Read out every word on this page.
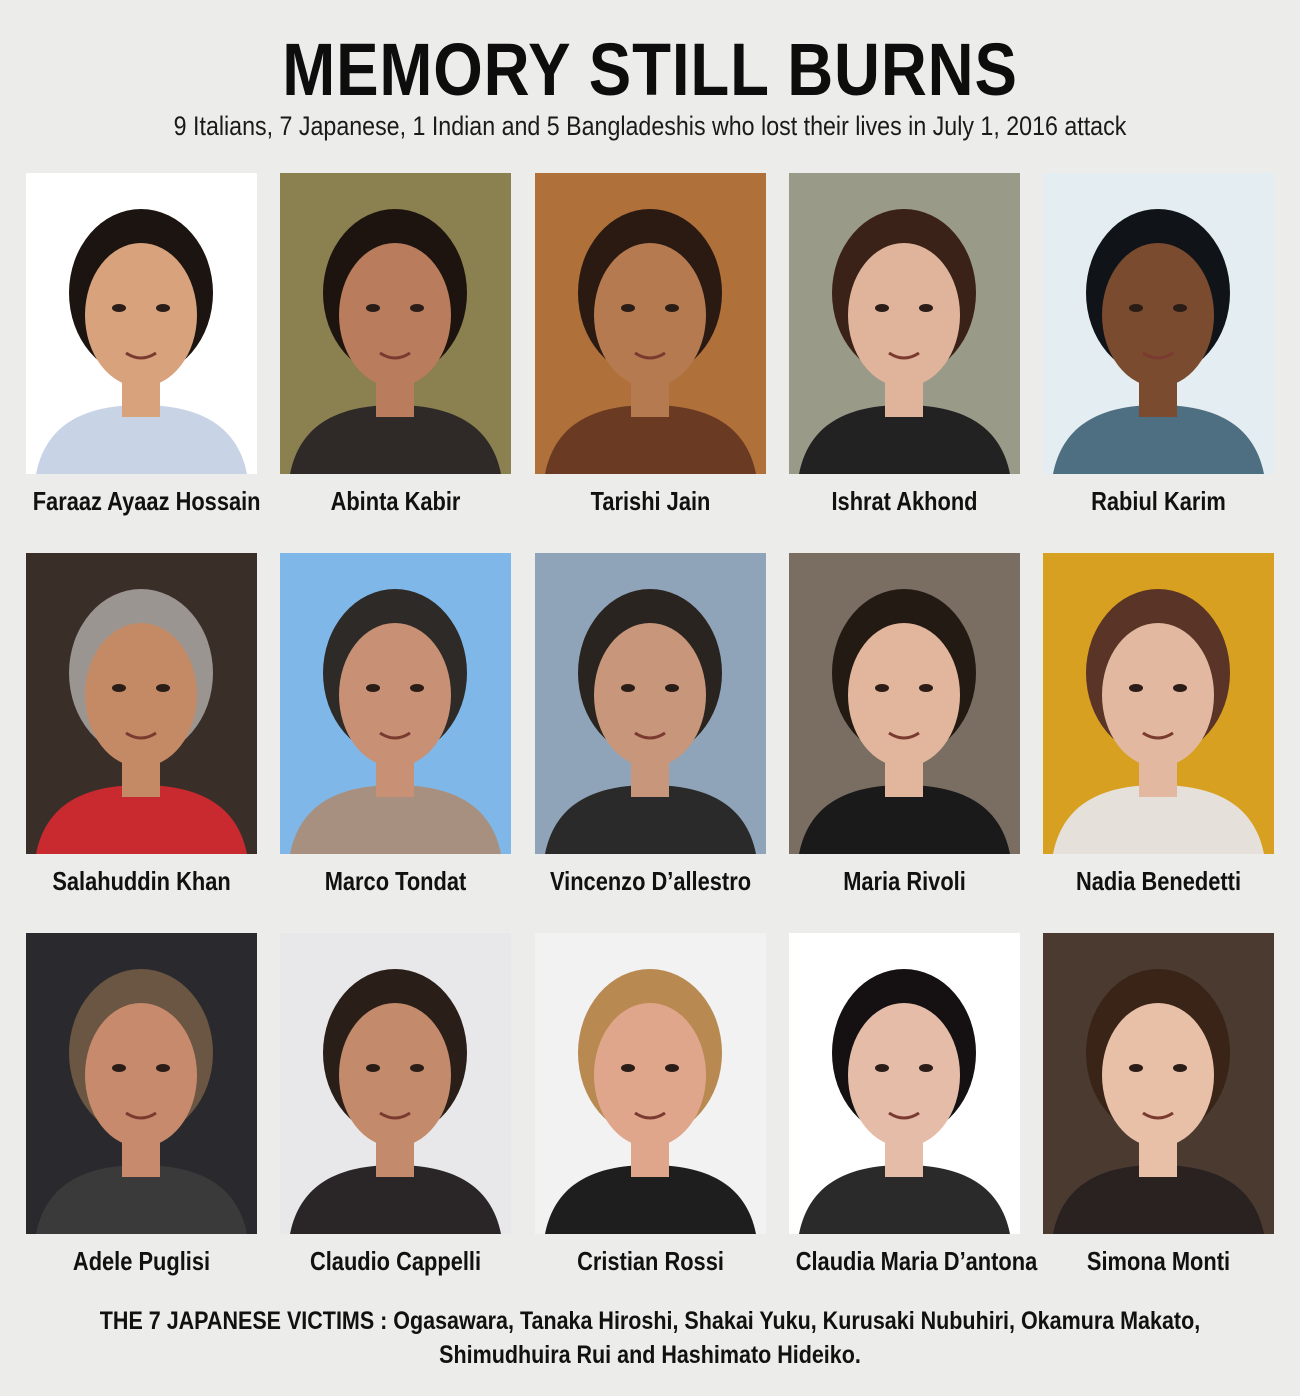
MEMORY STILL BURNS
9 Italians, 7 Japanese, 1 Indian and 5 Bangladeshis who lost their lives in July 1, 2016 attack
Faraaz Ayaaz Hossain	Abinta Kabir	Tarishi Jain	Ishrat Akhond	Rabiul Karim
Salahuddin Khan	Marco Tondat	Vincenzo D’allestro	Maria Rivoli	Nadia Benedetti
Adele Puglisi	Claudio Cappelli	Cristian Rossi	Claudia Maria D’antona	Simona Monti
THE 7 JAPANESE VICTIMS : Ogasawara, Tanaka Hiroshi, Shakai Yuku, Kurusaki Nubuhiri, Okamura Makato,
Shimudhuira Rui and Hashimato Hideiko.
